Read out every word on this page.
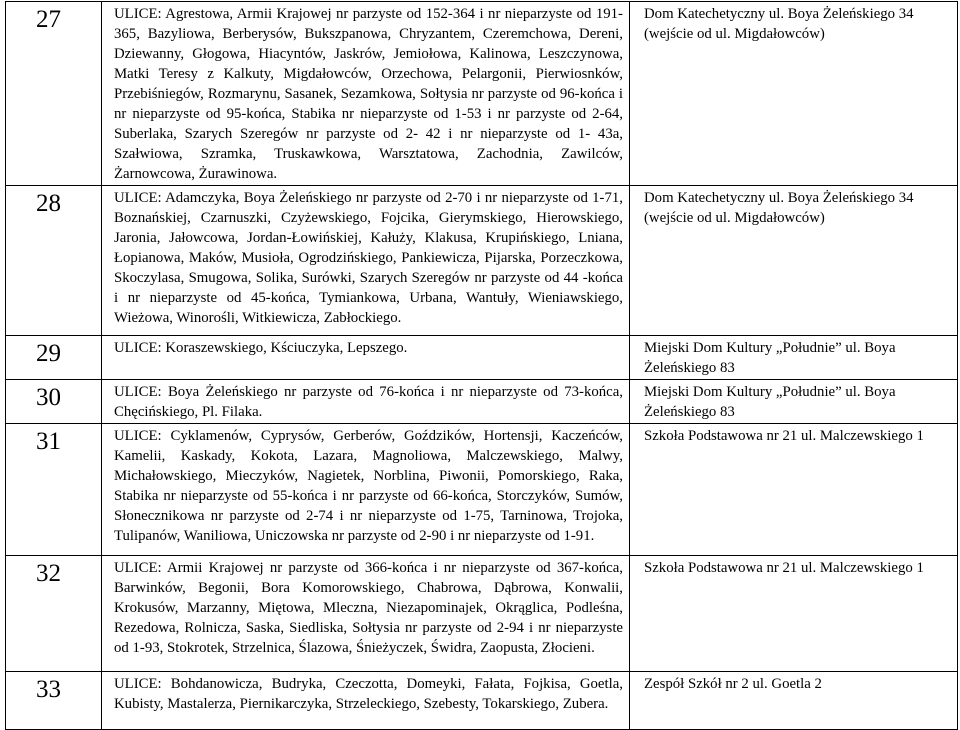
27	ULICE: Agrestowa, Armii Krajowej nr parzyste od 152-364 i nr nieparzyste od 191-365, Bazyliowa, Berberysów, Bukszpanowa, Chryzantem, Czeremchowa, Dereni, Dziewanny, Głogowa, Hiacyntów, Jaskrów, Jemiołowa, Kalinowa, Leszczynowa, Matki Teresy z Kalkuty, Migdałowców, Orzechowa, Pelargonii, Pierwiosnków, Przebiśniegów, Rozmarynu, Sasanek, Sezamkowa, Sołtysia nr parzyste od 96-końca i nr nieparzyste od 95-końca, Stabika nr nieparzyste od 1-53 i nr parzyste od 2-64, Suberlaka, Szarych Szeregów nr parzyste od 2- 42 i nr nieparzyste od 1- 43a, Szałwiowa, Szramka, Truskawkowa, Warsztatowa, Zachodnia, Zawilców, Żarnowcowa, Żurawinowa.	Dom Katechetyczny ul. Boya Żeleńskiego 34 (wejście od ul. Migdałowców)
28	ULICE: Adamczyka, Boya Żeleńskiego nr parzyste od 2-70 i nr nieparzyste od 1-71, Boznańskiej, Czarnuszki, Czyżewskiego, Fojcika, Gierymskiego, Hierowskiego, Jaronia, Jałowcowa, Jordan-Łowińskiej, Kałuży, Klakusa, Krupińskiego, Lniana, Łopianowa, Maków, Musioła, Ogrodzińskiego, Pankiewicza, Pijarska, Porzeczkowa, Skoczylasa, Smugowa, Solika, Surówki, Szarych Szeregów nr parzyste od 44 -końca i nr nieparzyste od 45-końca, Tymiankowa, Urbana, Wantuły, Wieniawskiego, Wieżowa, Winorośli, Witkiewicza, Zabłockiego.	Dom Katechetyczny ul. Boya Żeleńskiego 34 (wejście od ul. Migdałowców)
29	ULICE: Koraszewskiego, Kściuczyka, Lepszego.	Miejski Dom Kultury „Południe” ul. Boya Żeleńskiego 83
30	ULICE: Boya Żeleńskiego nr parzyste od 76-końca i nr nieparzyste od 73-końca, Chęcińskiego, Pl. Filaka.	Miejski Dom Kultury „Południe” ul. Boya Żeleńskiego 83
31	ULICE: Cyklamenów, Cyprysów, Gerberów, Goździków, Hortensji, Kaczeńców, Kamelii, Kaskady, Kokota, Lazara, Magnoliowa, Malczewskiego, Malwy, Michałowskiego, Mieczyków, Nagietek, Norblina, Piwonii, Pomorskiego, Raka, Stabika nr nieparzyste od 55-końca i nr parzyste od 66-końca, Storczyków, Sumów, Słonecznikowa nr parzyste od 2-74 i nr nieparzyste od 1-75, Tarninowa, Trojoka, Tulipanów, Waniliowa, Uniczowska nr parzyste od 2-90 i nr nieparzyste od 1-91.	Szkoła Podstawowa nr 21 ul. Malczewskiego 1
32	ULICE: Armii Krajowej nr parzyste od 366-końca i nr nieparzyste od 367-końca, Barwinków, Begonii, Bora Komorowskiego, Chabrowa, Dąbrowa, Konwalii, Krokusów, Marzanny, Miętowa, Mleczna, Niezapominajek, Okrąglica, Podleśna, Rezedowa, Rolnicza, Saska, Siedliska, Sołtysia nr parzyste od 2-94 i nr nieparzyste od 1-93, Stokrotek, Strzelnica, Ślazowa, Śnieżyczek, Świdra, Zaopusta, Złocieni.	Szkoła Podstawowa nr 21 ul. Malczewskiego 1
33	ULICE: Bohdanowicza, Budryka, Czeczotta, Domeyki, Fałata, Fojkisa, Goetla, Kubisty, Mastalerza, Piernikarczyka, Strzeleckiego, Szebesty, Tokarskiego, Zubera.	Zespół Szkół nr 2 ul. Goetla 2
